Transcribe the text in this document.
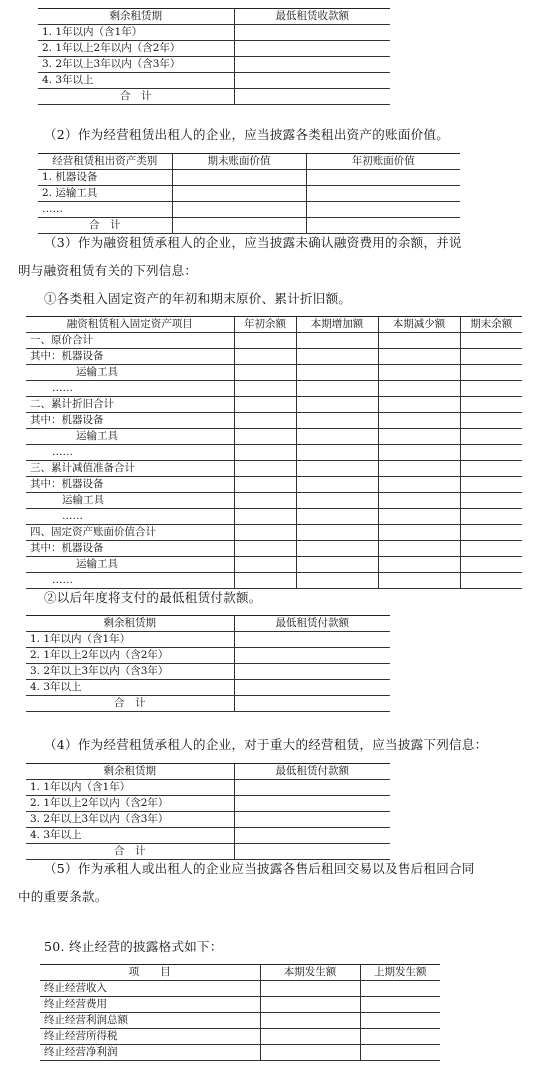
剩余租赁期	最低租赁收款额
1. 1年以内（含1年）	
2. 1年以上2年以内（含2年）	
3. 2年以上3年以内（含3年）	
4. 3年以上	
合　计	
（2）作为经营租赁出租人的企业，应当披露各类租出资产的账面价值。
经营租赁租出资产类别	期末账面价值	年初账面价值
1. 机器设备		
2. 运输工具		
……		
合　计		
（3）作为融资租赁承租人的企业，应当披露未确认融资费用的余额，并说
明与融资租赁有关的下列信息：
①各类租入固定资产的年初和期末原价、累计折旧额。
融资租赁租入固定资产项目	年初余额	本期增加额	本期减少额	期末余额
一、原价合计				
其中：机器设备				
运输工具				
……				
二、累计折旧合计				
其中：机器设备				
运输工具				
……				
三、累计减值准备合计				
其中：机器设备				
运输工具				
……				
四、固定资产账面价值合计				
其中：机器设备				
运输工具				
……				
②以后年度将支付的最低租赁付款额。
剩余租赁期	最低租赁付款额
1. 1年以内（含1年）	
2. 1年以上2年以内（含2年）	
3. 2年以上3年以内（含3年）	
4. 3年以上	
合　计	
（4）作为经营租赁承租人的企业，对于重大的经营租赁，应当披露下列信息：
剩余租赁期	最低租赁付款额
1. 1年以内（含1年）	
2. 1年以上2年以内（含2年）	
3. 2年以上3年以内（含3年）	
4. 3年以上	
合　计	
（5）作为承租人或出租人的企业应当披露各售后租回交易以及售后租回合同
中的重要条款。
50. 终止经营的披露格式如下：
项　　目	本期发生额	上期发生额
终止经营收入		
终止经营费用		
终止经营利润总额		
终止经营所得税		
终止经营净利润		
